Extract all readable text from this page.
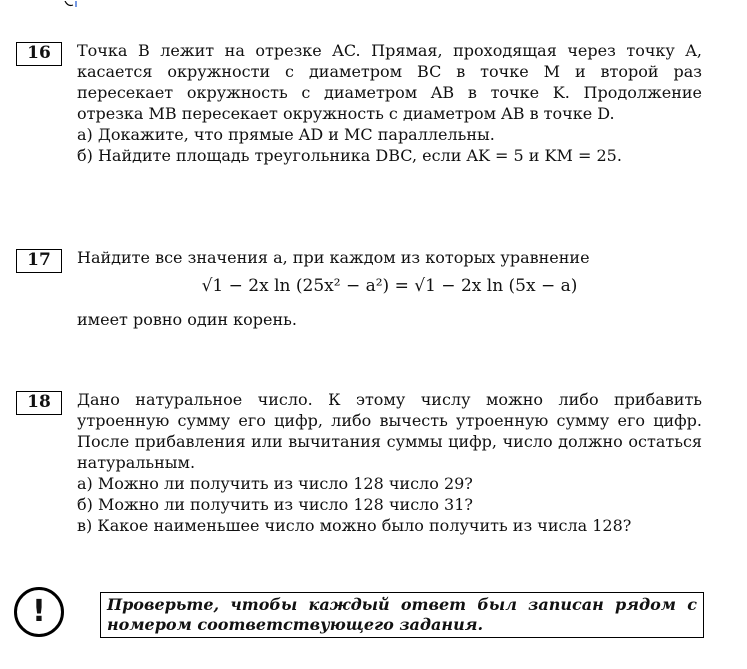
16	Точка B лежит на отрезке AC. Прямая, проходящая через точку A, касается окружности с диаметром BC в точке M и второй раз пересекает окружность с диаметром AB в точке K. Продолжение отрезка MB пересекает окружность с диаметром AB в точке D.

а) Докажите, что прямые AD и MC параллельны.

б) Найдите площадь треугольника DBC, если AK = 5 и KM = 25.

17	Найдите все значения a, при каждом из которых уравнение

√1 − 2x ln (25x² − a²) = √1 − 2x ln (5x − a)

имеет ровно один корень.

18	Дано натуральное число. К этому числу можно либо прибавить утроенную сумму его цифр, либо вычесть утроенную сумму его цифр. После прибавления или вычитания суммы цифр, число должно остаться натуральным.

а) Можно ли получить из число 128 число 29?

б) Можно ли получить из число 128 число 31?

в) Какое наименьшее число можно было получить из числа 128?

!	Проверьте, чтобы каждый ответ был записан рядом с номером соответствующего задания.
